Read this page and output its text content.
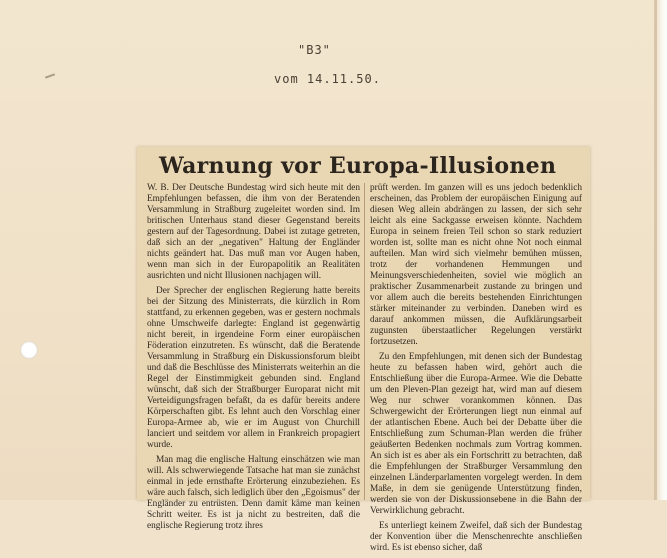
"B3"
vom 14.11.50.
Warnung vor Europa-Illusionen

W. B. Der Deutsche Bundestag wird sich heute mit den Empfehlungen befassen, die ihm von der Beratenden Versammlung in Straßburg zugeleitet worden sind. Im britischen Unterhaus stand dieser Gegenstand bereits gestern auf der Tagesordnung. Dabei ist zutage getreten, daß sich an der „negativen" Haltung der Engländer nichts geändert hat. Das muß man vor Augen haben, wenn man sich in der Europapolitik an Realitäten ausrichten und nicht Illusionen nachjagen will.

Der Sprecher der englischen Regierung hatte bereits bei der Sitzung des Ministerrats, die kürzlich in Rom stattfand, zu erkennen gegeben, was er gestern nochmals ohne Umschweife darlegte: England ist gegenwärtig nicht bereit, in irgendeine Form einer europäischen Föderation einzutreten. Es wünscht, daß die Beratende Versammlung in Straßburg ein Diskussionsforum bleibt und daß die Beschlüsse des Ministerrats weiterhin an die Regel der Einstimmigkeit gebunden sind. England wünscht, daß sich der Straßburger Europarat nicht mit Verteidigungsfragen befaßt, da es dafür bereits andere Körperschaften gibt. Es lehnt auch den Vorschlag einer Europa-Armee ab, wie er im August von Churchill lanciert und seitdem vor allem in Frankreich propagiert wurde.

Man mag die englische Haltung einschätzen wie man will. Als schwerwiegende Tatsache hat man sie zunächst einmal in jede ernsthafte Erörterung einzubeziehen. Es wäre auch falsch, sich lediglich über den „Egoismus" der Engländer zu entrüsten. Denn damit käme man keinen Schritt weiter. Es ist ja nicht zu bestreiten, daß die englische Regierung trotz ihres

prüft werden. Im ganzen will es uns jedoch bedenklich erscheinen, das Problem der europäischen Einigung auf diesen Weg allein abdrängen zu lassen, der sich sehr leicht als eine Sackgasse erweisen könnte. Nachdem Europa in seinem freien Teil schon so stark reduziert worden ist, sollte man es nicht ohne Not noch einmal aufteilen. Man wird sich vielmehr bemühen müssen, trotz der vorhandenen Hemmungen und Meinungsverschiedenheiten, soviel wie möglich an praktischer Zusammenarbeit zustande zu bringen und vor allem auch die bereits bestehenden Einrichtungen stärker miteinander zu verbinden. Daneben wird es darauf ankommen müssen, die Aufklärungsarbeit zugunsten überstaatlicher Regelungen verstärkt fortzusetzen.

Zu den Empfehlungen, mit denen sich der Bundestag heute zu befassen haben wird, gehört auch die Entschließung über die Europa-Armee. Wie die Debatte um den Pleven-Plan gezeigt hat, wird man auf diesem Weg nur schwer vorankommen können. Das Schwergewicht der Erörterungen liegt nun einmal auf der atlantischen Ebene. Auch bei der Debatte über die Entschließung zum Schuman-Plan werden die früher geäußerten Bedenken nochmals zum Vortrag kommen. An sich ist es aber als ein Fortschritt zu betrachten, daß die Empfehlungen der Straßburger Versammlung den einzelnen Länderparlamenten vorgelegt werden. In dem Maße, in dem sie genügende Unterstützung finden, werden sie von der Diskussionsebene in die Bahn der Verwirklichung gebracht.

Es unterliegt keinem Zweifel, daß sich der Bundestag der Konvention über die Menschenrechte anschließen wird. Es ist ebenso sicher, daß
